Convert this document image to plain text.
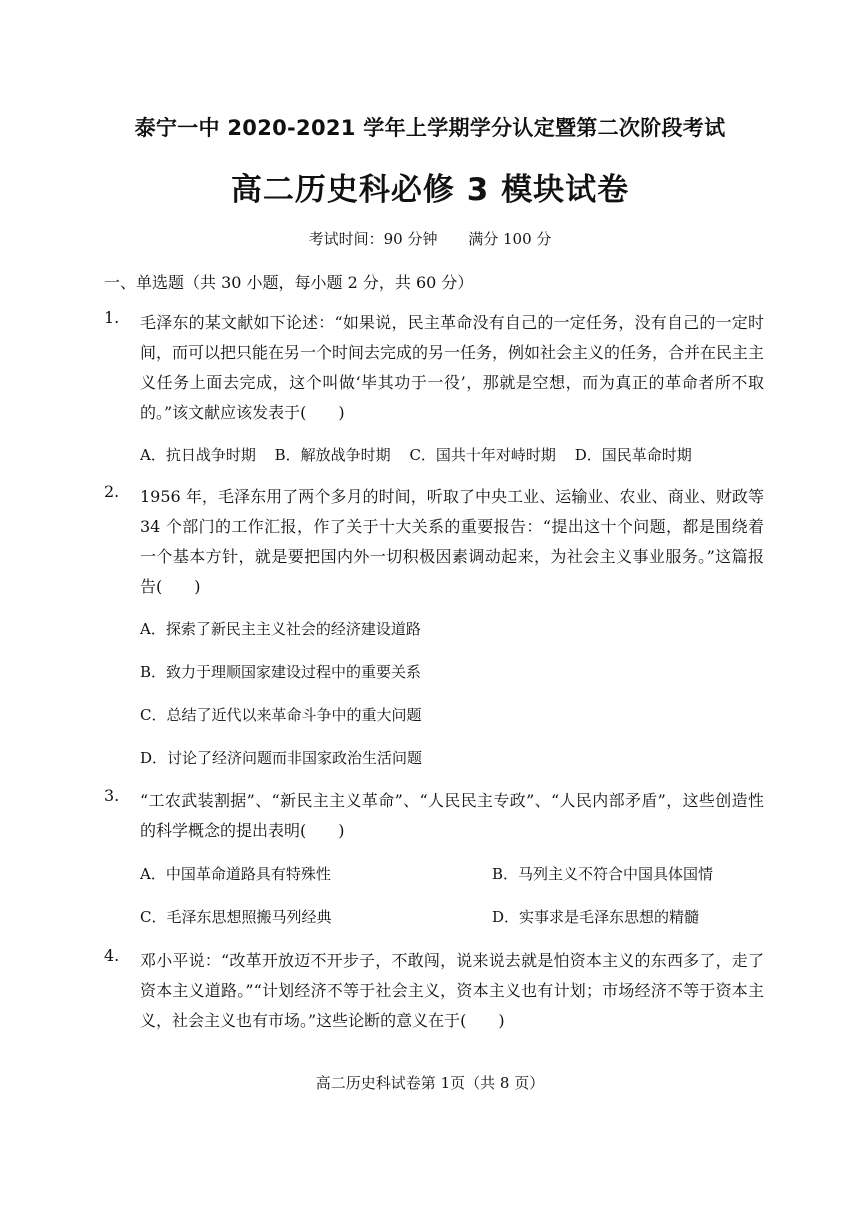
泰宁一中 2020-2021 学年上学期学分认定暨第二次阶段考试
高二历史科必修 3 模块试卷
考试时间：90 分钟 满分 100 分
一、单选题（共 30 小题，每小题 2 分，共 60 分）
1.	毛泽东的某文献如下论述：“如果说，民主革命没有自己的一定任务，没有自己的一定时间，而可以把只能在另一个时间去完成的另一任务，例如社会主义的任务，合并在民主主义任务上面去完成，这个叫做‘毕其功于一役’，那就是空想，而为真正的革命者所不取的。”该文献应该发表于(　　)
A．抗日战争时期 B．解放战争时期 C．国共十年对峙时期 D．国民革命时期
2.	1956 年，毛泽东用了两个多月的时间，听取了中央工业、运输业、农业、商业、财政等 34 个部门的工作汇报，作了关于十大关系的重要报告：“提出这十个问题，都是围绕着一个基本方针，就是要把国内外一切积极因素调动起来，为社会主义事业服务。”这篇报告(　　)
A．探索了新民主主义社会的经济建设道路
B．致力于理顺国家建设过程中的重要关系
C．总结了近代以来革命斗争中的重大问题
D．讨论了经济问题而非国家政治生活问题
3.	“工农武装割据”、“新民主主义革命”、“人民民主专政”、“人民内部矛盾”，这些创造性的科学概念的提出表明(　　)
A．中国革命道路具有特殊性	B．马列主义不符合中国具体国情
C．毛泽东思想照搬马列经典	D．实事求是毛泽东思想的精髓
4.	邓小平说：“改革开放迈不开步子，不敢闯，说来说去就是怕资本主义的东西多了，走了资本主义道路。”“计划经济不等于社会主义，资本主义也有计划；市场经济不等于资本主义，社会主义也有市场。”这些论断的意义在于(　　)
高二历史科试卷第 1页（共 8 页）
